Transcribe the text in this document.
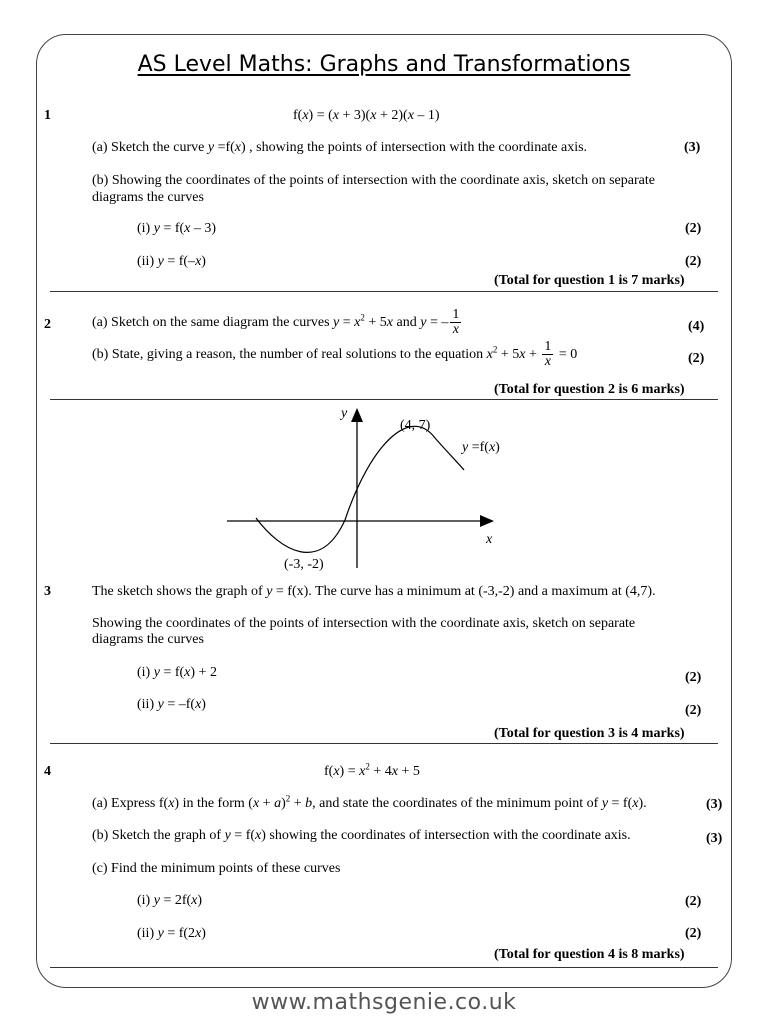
AS Level Maths: Graphs and Transformations
1	f(x) = (x + 3)(x + 2)(x – 1)
(a) Sketch the curve y =f(x) , showing the points of intersection with the coordinate axis.	(3)
(b) Showing the coordinates of the points of intersection with the coordinate axis, sketch on separate
diagrams the curves
(i) y = f(x – 3)	(2)
(ii) y = f(–x)	(2)
(Total for question 1 is 7 marks)
2	(a) Sketch on the same diagram the curves $y = x^2 + 5x$ and y = – $\frac{1}{x}$	(4)
(b) State, giving a reason, the number of real solutions to the equation $x^2 + 5x + \frac{1}{x} = 0$	(2)
(Total for question 2 is 6 marks)
y
x
(4, 7)
(-3, -2)
y =f(x)
3	The sketch shows the graph of y = f(x). The curve has a minimum at (-3,-2) and a maximum at (4,7).
Showing the coordinates of the points of intersection with the coordinate axis, sketch on separate
diagrams the curves
(i) y = f(x) + 2	(2)
(ii) y = –f(x)	(2)
(Total for question 3 is 4 marks)
4	$f(x) = x^2 + 4x + 5$
(a) Express f(x) in the form $(x + a)^2 + b$, and state the coordinates of the minimum point of y = f(x).	(3)
(b) Sketch the graph of y = f(x) showing the coordinates of intersection with the coordinate axis.	(3)
(c) Find the minimum points of these curves
(i) y = 2f(x)	(2)
(ii) y = f(2x)	(2)
(Total for question 4 is 8 marks)
www.mathsgenie.co.uk
